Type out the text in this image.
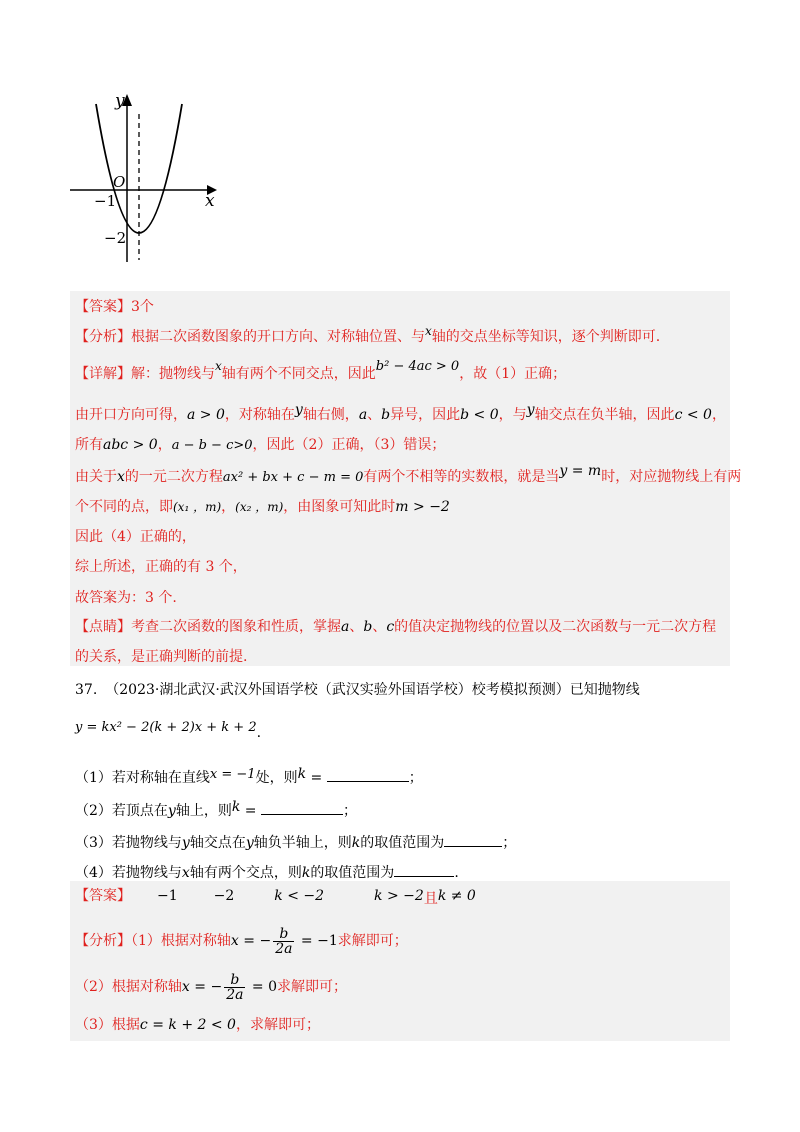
y
x
O
−1
−2
【答案】3个
【分析】根据二次函数图象的开口方向、对称轴位置、与x轴的交点坐标等知识，逐个判断即可.
【详解】解：抛物线与x轴有两个不同交点，因此b² − 4ac > 0，故（1）正确；
由开口方向可得，a > 0，对称轴在y轴右侧，a、b异号，因此b < 0，与y轴交点在负半轴，因此c < 0，
所有abc > 0，a − b − c>0，因此（2）正确，（3）错误；
由关于x的一元二次方程ax² + bx + c − m = 0有两个不相等的实数根，就是当y = m时，对应抛物线上有两
个不同的点，即(x₁ ，m)，(x₂ ，m)，由图象可知此时m > −2
因此（4）正确的，
综上所述，正确的有 3 个，
故答案为：3 个.
【点睛】考查二次函数的图象和性质，掌握a、b、c的值决定抛物线的位置以及二次函数与一元二次方程
的关系，是正确判断的前提.
37. （2023·湖北武汉·武汉外国语学校（武汉实验外国语学校）校考模拟预测）已知抛物线
y = kx² − 2(k + 2)x + k + 2.
（1）若对称轴在直线x = −1处，则k =	；
（2）若顶点在y轴上，则k =	；
（3）若抛物线与y轴交点在y轴负半轴上，则k的取值范围为	；
（4）若抛物线与x轴有两个交点，则k的取值范围为	.
【答案】 −1	−2	k < −2	k > −2且k ≠ 0
【分析】（1）根据对称轴x = − $\frac{b}{2a} = -1$求解即可；
（2）根据对称轴x = − $\frac{b}{2a} = 0$求解即可；
（3）根据c = k + 2 < 0，求解即可；
